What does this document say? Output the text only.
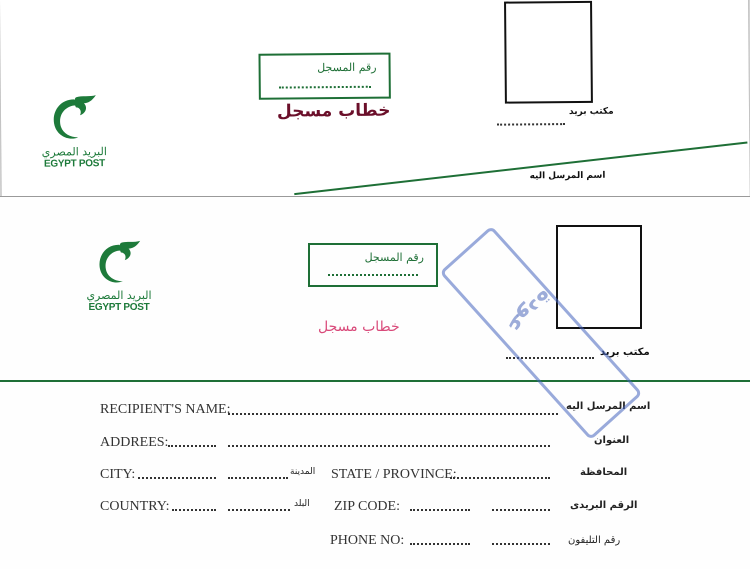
البريد المصري
EGYPT POST
رقم المسجل
خطاب مسجل	مكتب بريد
اسم المرسل اليه
البريد المصري
EGYPT POST
رقم المسجل
خطاب مسجل
مكتب بريد
RECIPIENT'S NAME:	اسم المرسل اليه
ADDREES:	العنوان
CITY:	المدينة STATE / PROVINCE:	المحافظة
COUNTRY:	البلد ZIP CODE:	الرقم البريدى
PHONE NO:	رقم التليفون
عودة
